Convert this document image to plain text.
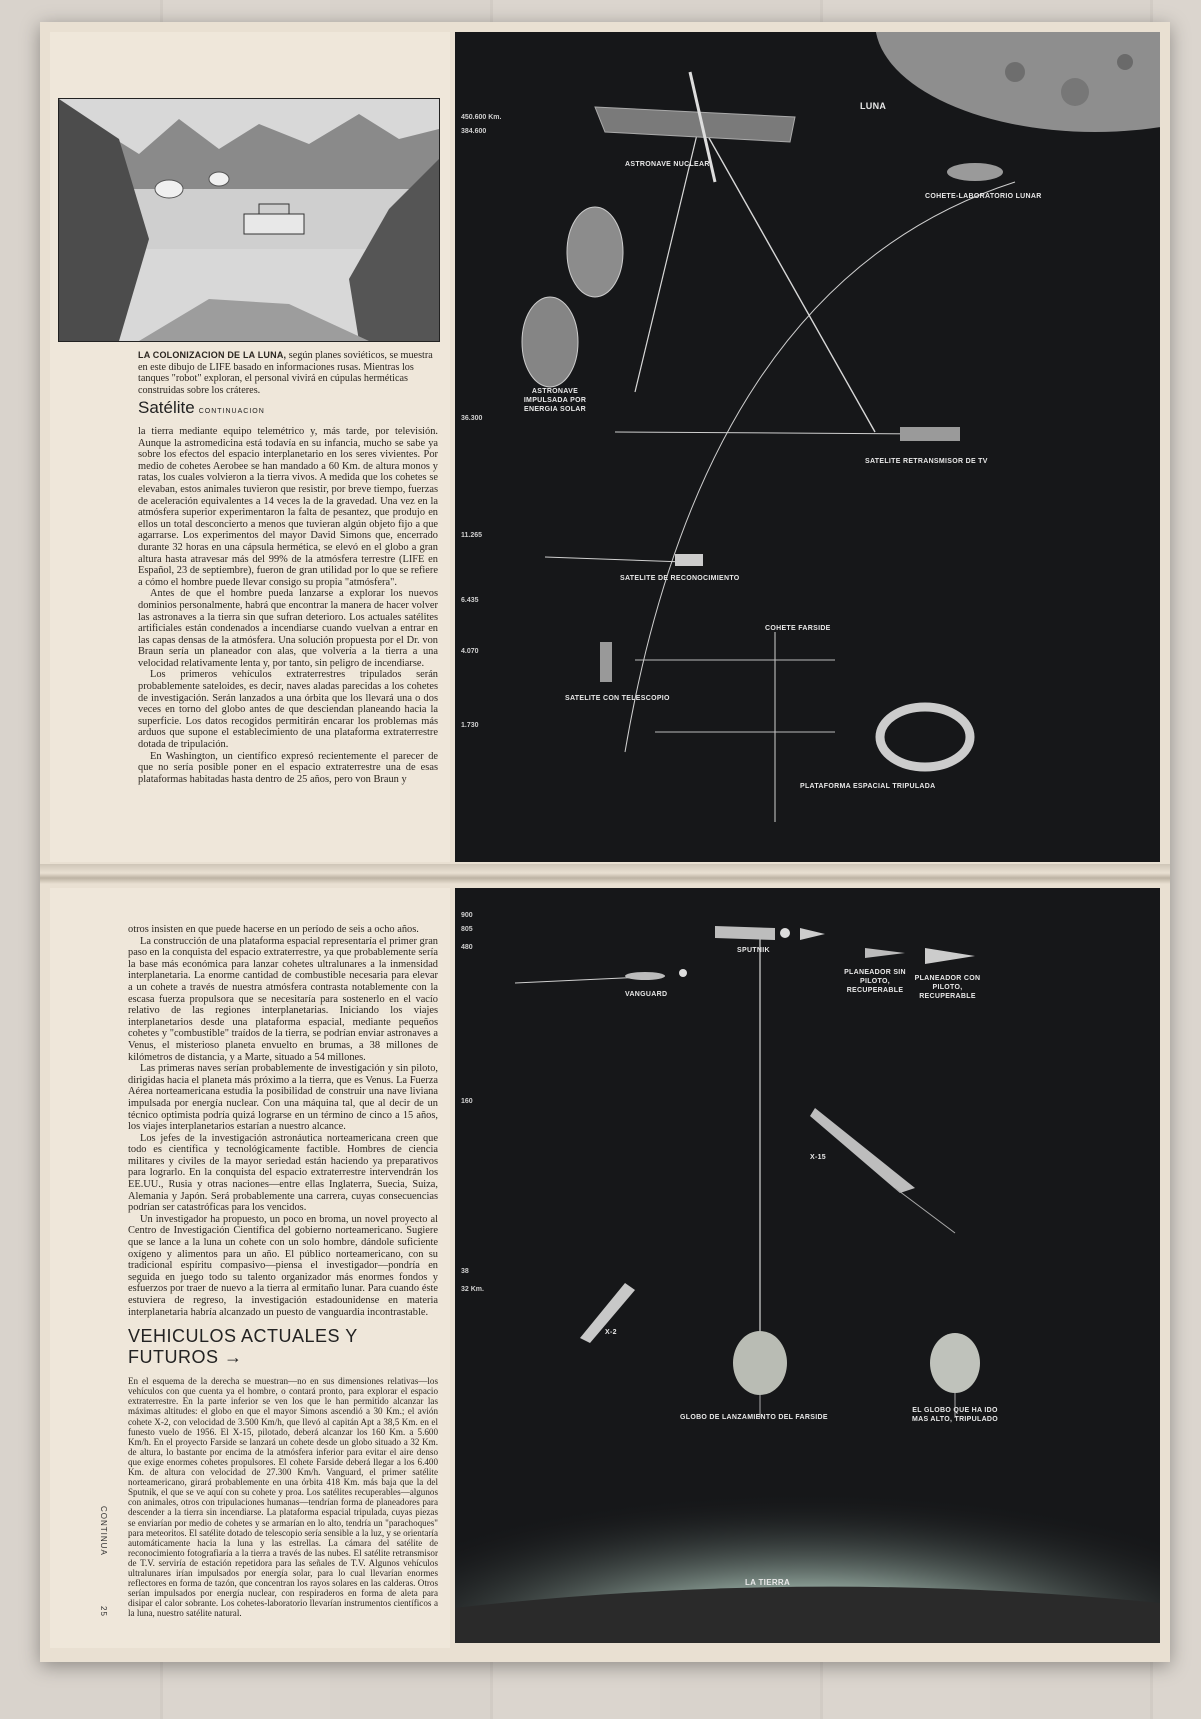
LA COLONIZACION DE LA LUNA, según planes soviéticos, se muestra en este dibujo de LIFE basado en informaciones rusas. Mientras los tanques "robot" exploran, el personal vivirá en cúpulas herméticas construidas sobre los cráteres.
Satélite CONTINUACION

la tierra mediante equipo telemétrico y, más tarde, por televisión. Aunque la astromedicina está todavía en su infancia, mucho se sabe ya sobre los efectos del espacio interplanetario en los seres vivientes. Por medio de cohetes Aerobee se han mandado a 60 Km. de altura monos y ratas, los cuales volvieron a la tierra vivos. A medida que los cohetes se elevaban, estos animales tuvieron que resistir, por breve tiempo, fuerzas de aceleración equivalentes a 14 veces la de la gravedad. Una vez en la atmósfera superior experimentaron la falta de pesantez, que produjo en ellos un total desconcierto a menos que tuvieran algún objeto fijo a que agarrarse. Los experimentos del mayor David Simons que, encerrado durante 32 horas en una cápsula hermética, se elevó en el globo a gran altura hasta atravesar más del 99% de la atmósfera terrestre (LIFE en Español, 23 de septiembre), fueron de gran utilidad por lo que se refiere a cómo el hombre puede llevar consigo su propia "atmósfera".

Antes de que el hombre pueda lanzarse a explorar los nuevos dominios personalmente, habrá que encontrar la manera de hacer volver las astronaves a la tierra sin que sufran deterioro. Los actuales satélites artificiales están condenados a incendiarse cuando vuelvan a entrar en las capas densas de la atmósfera. Una solución propuesta por el Dr. von Braun sería un planeador con alas, que volvería a la tierra a una velocidad relativamente lenta y, por tanto, sin peligro de incendiarse.

Los primeros vehículos extraterrestres tripulados serán probablemente sateloides, es decir, naves aladas parecidas a los cohetes de investigación. Serán lanzados a una órbita que los llevará una o dos veces en torno del globo antes de que desciendan planeando hacia la superficie. Los datos recogidos permitirán encarar los problemas más arduos que supone el establecimiento de una plataforma extraterrestre dotada de tripulación.

En Washington, un científico expresó recientemente el parecer de que no sería posible poner en el espacio extraterrestre una de esas plataformas habitadas hasta dentro de 25 años, pero von Braun y

450.600 Km.
384.600
36.300
11.265
6.435
4.070
1.730
LUNA
ASTRONAVE NUCLEAR
COHETE-LABORATORIO LUNAR
ASTRONAVE IMPULSADA POR ENERGIA SOLAR
SATELITE RETRANSMISOR DE TV
SATELITE DE RECONOCIMIENTO
COHETE FARSIDE
SATELITE CON TELESCOPIO
PLATAFORMA ESPACIAL TRIPULADA

otros insisten en que puede hacerse en un período de seis a ocho años.

La construcción de una plataforma espacial representaría el primer gran paso en la conquista del espacio extraterrestre, ya que probablemente sería la base más económica para lanzar cohetes ultralunares a la inmensidad interplanetaria. La enorme cantidad de combustible necesaria para elevar a un cohete a través de nuestra atmósfera contrasta notablemente con la escasa fuerza propulsora que se necesitaría para sostenerlo en el vacío relativo de las regiones interplanetarias. Iniciando los viajes interplanetarios desde una plataforma espacial, mediante pequeños cohetes y "combustible" traídos de la tierra, se podrían enviar astronaves a Venus, el misterioso planeta envuelto en brumas, a 38 millones de kilómetros de distancia, y a Marte, situado a 54 millones.

Las primeras naves serían probablemente de investigación y sin piloto, dirigidas hacia el planeta más próximo a la tierra, que es Venus. La Fuerza Aérea norteamericana estudia la posibilidad de construir una nave liviana impulsada por energía nuclear. Con una máquina tal, que al decir de un técnico optimista podría quizá lograrse en un término de cinco a 15 años, los viajes interplanetarios estarían a nuestro alcance.

Los jefes de la investigación astronáutica norteamericana creen que todo es científica y tecnológicamente factible. Hombres de ciencia militares y civiles de la mayor seriedad están haciendo ya preparativos para lograrlo. En la conquista del espacio extraterrestre intervendrán los EE.UU., Rusia y otras naciones—entre ellas Inglaterra, Suecia, Suiza, Alemania y Japón. Será probablemente una carrera, cuyas consecuencias podrían ser catastróficas para los vencidos.

Un investigador ha propuesto, un poco en broma, un novel proyecto al Centro de Investigación Científica del gobierno norteamericano. Sugiere que se lance a la luna un cohete con un solo hombre, dándole suficiente oxígeno y alimentos para un año. El público norteamericano, con su tradicional espíritu compasivo—piensa el investigador—pondría en seguida en juego todo su talento organizador más enormes fondos y esfuerzos por traer de nuevo a la tierra al ermitaño lunar. Para cuando éste estuviera de regreso, la investigación estadounidense en materia interplanetaria habría alcanzado un puesto de vanguardia incontrastable.

VEHICULOS ACTUALES Y FUTUROS →

En el esquema de la derecha se muestran—no en sus dimensiones relativas—los vehículos con que cuenta ya el hombre, o contará pronto, para explorar el espacio extraterrestre. En la parte inferior se ven los que le han permitido alcanzar las máximas altitudes: el globo en que el mayor Simons ascendió a 30 Km.; el avión cohete X-2, con velocidad de 3.500 Km/h, que llevó al capitán Apt a 38,5 Km. en el funesto vuelo de 1956. El X-15, pilotado, deberá alcanzar los 160 Km. a 5.600 Km/h. En el proyecto Farside se lanzará un cohete desde un globo situado a 32 Km. de altura, lo bastante por encima de la atmósfera inferior para evitar el aire denso que exige enormes cohetes propulsores. El cohete Farside deberá llegar a los 6.400 Km. de altura con velocidad de 27.300 Km/h. Vanguard, el primer satélite norteamericano, girará probablemente en una órbita 418 Km. más baja que la del Sputnik, el que se ve aquí con su cohete y proa. Los satélites recuperables—algunos con animales, otros con tripulaciones humanas—tendrían forma de planeadores para descender a la tierra sin incendiarse. La plataforma espacial tripulada, cuyas piezas se enviarían por medio de cohetes y se armarían en lo alto, tendría un "parachoques" para meteoritos. El satélite dotado de telescopio sería sensible a la luz, y se orientaría automáticamente hacia la luna y las estrellas. La cámara del satélite de reconocimiento fotografiaría a la tierra a través de las nubes. El satélite retransmisor de T.V. serviría de estación repetidora para las señales de T.V. Algunos vehículos ultralunares irían impulsados por energía solar, para lo cual llevarían enormes reflectores en forma de tazón, que concentran los rayos solares en las calderas. Otros serían impulsados por energía nuclear, con respiraderos en forma de aleta para disipar el calor sobrante. Los cohetes-laboratorio llevarían instrumentos científicos a la luna, nuestro satélite natural.

CONTINUA
25
900
805
480
160
38
32 Km.
SPUTNIK
VANGUARD
PLANEADOR SIN PILOTO, RECUPERABLE
PLANEADOR CON PILOTO, RECUPERABLE
X-15
X-2
GLOBO DE LANZAMIENTO DEL FARSIDE
EL GLOBO QUE HA IDO MAS ALTO, TRIPULADO
LA TIERRA
